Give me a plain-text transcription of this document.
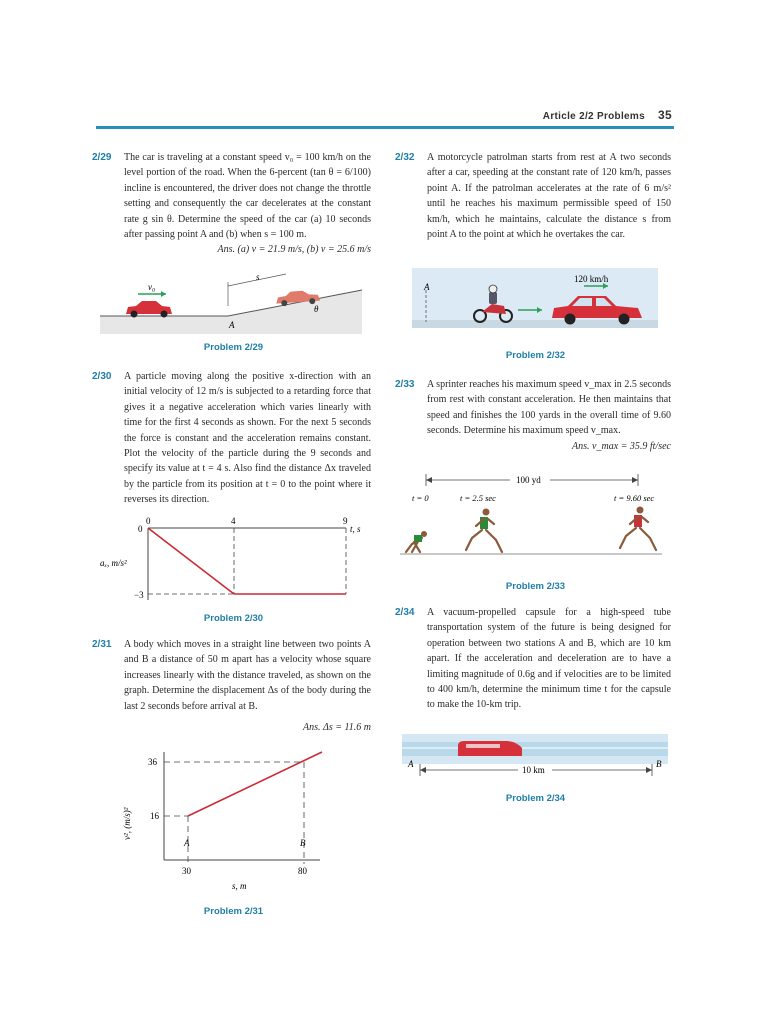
Article 2/2 Problems 35
2/29 The car is traveling at a constant speed v₀ = 100 km/h on the level portion of the road. When the 6-percent (tan θ = 6/100) incline is encountered, the driver does not change the throttle setting and consequently the car decelerates at the constant rate g sin θ. Determine the speed of the car (a) 10 seconds after passing point A and (b) when s = 100 m.
Ans. (a) v = 21.9 m/s, (b) v = 25.6 m/s
v₀
s
A
θ
Problem 2/29
2/30 A particle moving along the positive x-direction with an initial velocity of 12 m/s is subjected to a retarding force that gives it a negative acceleration which varies linearly with time for the first 4 seconds as shown. For the next 5 seconds the force is constant and the acceleration remains constant. Plot the velocity of the particle during the 9 seconds and specify its value at t = 4 s. Also find the distance Δx traveled by the particle from its position at t = 0 to the point where it reverses its direction.
0	4	9
t, s
0
−3
aₓ, m/s²
Problem 2/30
2/31 A body which moves in a straight line between two points A and B a distance of 50 m apart has a velocity whose square increases linearly with the distance traveled, as shown on the graph. Determine the displacement Δs of the body during the last 2 seconds before arrival at B.
Ans. Δs = 11.6 m
36
16
A	B
30	80
s, m
v², (m/s)²
Problem 2/31
2/32 A motorcycle patrolman starts from rest at A two seconds after a car, speeding at the constant rate of 120 km/h, passes point A. If the patrolman accelerates at the rate of 6 m/s² until he reaches his maximum permissible speed of 150 km/h, which he maintains, calculate the distance s from point A to the point at which he overtakes the car.
A
120 km/h
Problem 2/32
2/33 A sprinter reaches his maximum speed v_max in 2.5 seconds from rest with constant acceleration. He then maintains that speed and finishes the 100 yards in the overall time of 9.60 seconds. Determine his maximum speed v_max.
Ans. v_max = 35.9 ft/sec
100 yd
t = 0	t = 2.5 sec	t = 9.60 sec
Problem 2/33
2/34 A vacuum-propelled capsule for a high-speed tube transportation system of the future is being designed for operation between two stations A and B, which are 10 km apart. If the acceleration and deceleration are to have a limiting magnitude of 0.6g and if velocities are to be limited to 400 km/h, determine the minimum time t for the capsule to make the 10-km trip.
10 km
A	B
Problem 2/34
